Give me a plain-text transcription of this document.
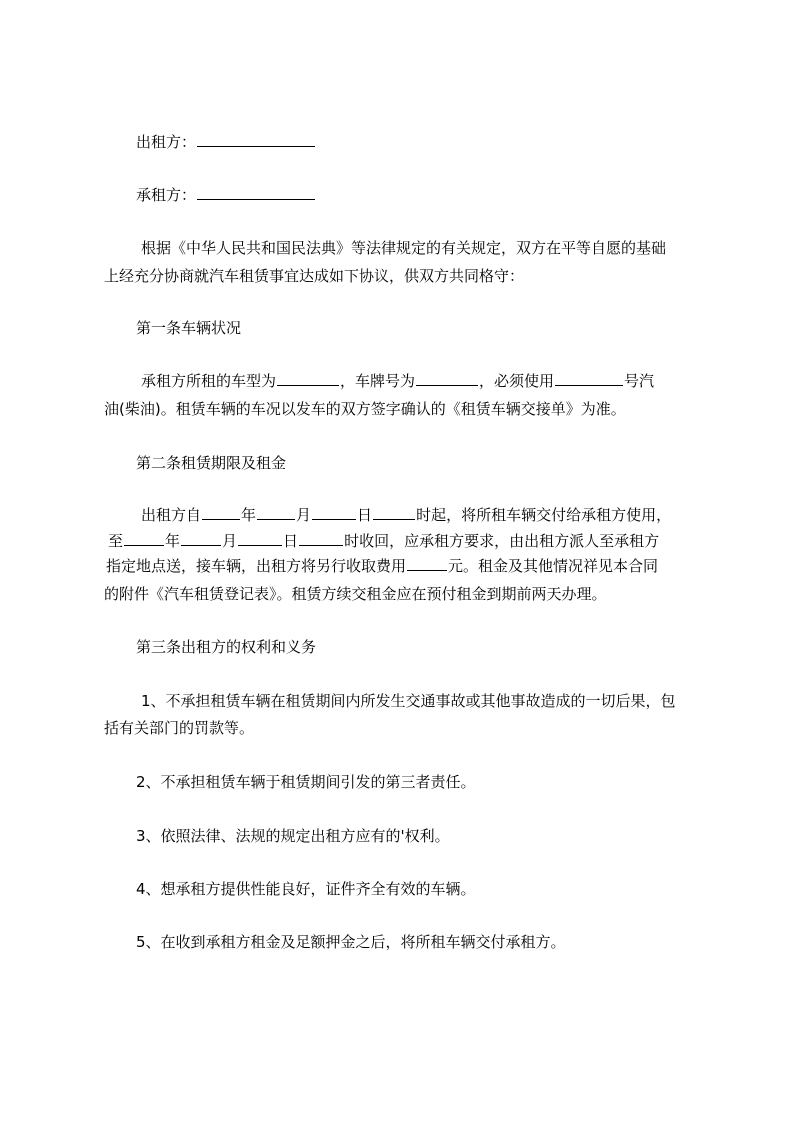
出租方：
承租方：
根据《中华人民共和国民法典》等法律规定的有关规定，双方在平等自愿的基础
上经充分协商就汽车租赁事宜达成如下协议，供双方共同格守：
第一条车辆状况
承租方所租的车型为	，车牌号为	，必须使用	号汽
油(柴油)。租赁车辆的车况以发车的双方签字确认的《租赁车辆交接单》为准。
第二条租赁期限及租金
出租方自	年	月	日	时起，将所租车辆交付给承租方使用，
至	年	月	日	时收回，应承租方要求，由出租方派人至承租方
指定地点送，接车辆，出租方将另行收取费用	元。租金及其他情况祥见本合同
的附件《汽车租赁登记表》。租赁方续交租金应在预付租金到期前两天办理。
第三条出租方的权利和义务
1、不承担租赁车辆在租赁期间内所发生交通事故或其他事故造成的一切后果，包
括有关部门的罚款等。
2、不承担租赁车辆于租赁期间引发的第三者责任。
3、依照法律、法规的规定出租方应有的'权利。
4、想承租方提供性能良好，证件齐全有效的车辆。
5、在收到承租方租金及足额押金之后，将所租车辆交付承租方。
